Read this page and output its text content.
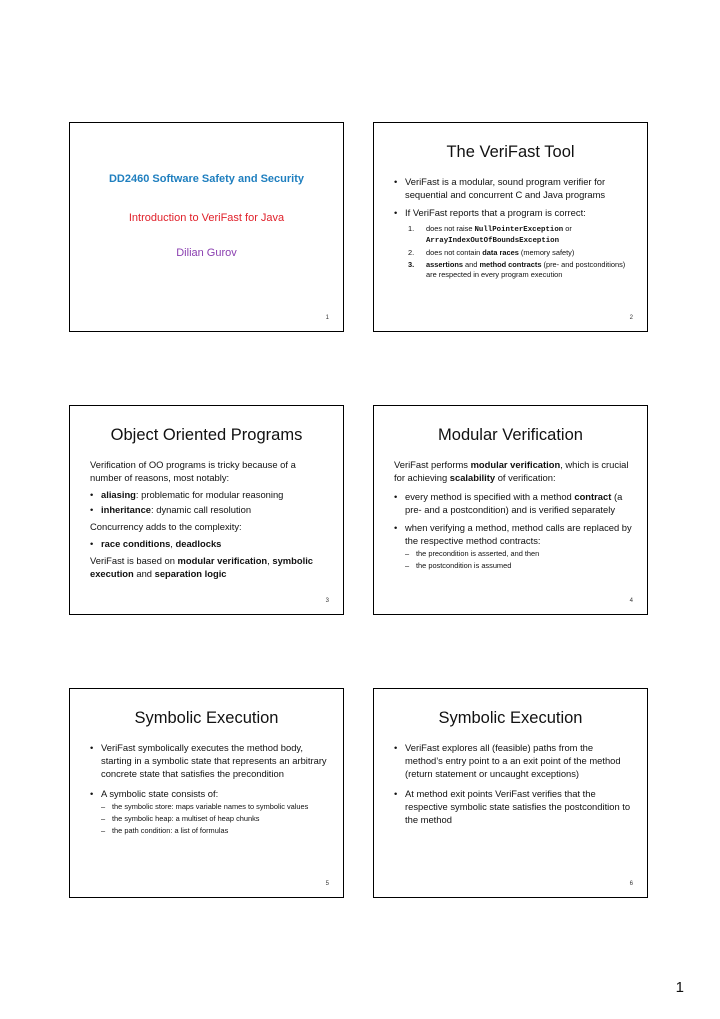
DD2460 Software Safety and Security
Introduction to VeriFast for Java
Dilian Gurov
1
The VeriFast Tool
• VeriFast is a modular, sound program verifier for sequential and concurrent C and Java programs
• If VeriFast reports that a program is correct:
1. does not raise NullPointerException or
ArrayIndexOutOfBoundsException
2. does not contain data races (memory safety)
3. assertions and method contracts (pre- and postconditions) are respected in every program execution
2
Object Oriented Programs
Verification of OO programs is tricky because of a number of reasons, most notably:
• aliasing: problematic for modular reasoning
• inheritance: dynamic call resolution
Concurrency adds to the complexity:
• race conditions, deadlocks
VeriFast is based on modular verification, symbolic execution and separation logic
3
Modular Verification
VeriFast performs modular verification, which is crucial for achieving scalability of verification:
• every method is specified with a method contract (a pre- and a postcondition) and is verified separately
• when verifying a method, method calls are replaced by the respective method contracts:
– the precondition is asserted, and then
– the postcondition is assumed
4
Symbolic Execution
• VeriFast symbolically executes the method body, starting in a symbolic state that represents an arbitrary concrete state that satisfies the precondition
• A symbolic state consists of:
– the symbolic store: maps variable names to symbolic values
– the symbolic heap: a multiset of heap chunks
– the path condition: a list of formulas
5
Symbolic Execution
• VeriFast explores all (feasible) paths from the method’s entry point to a an exit point of the method (return statement or uncaught exceptions)
• At method exit points VeriFast verifies that the respective symbolic state satisfies the postcondition to the method
6
1
